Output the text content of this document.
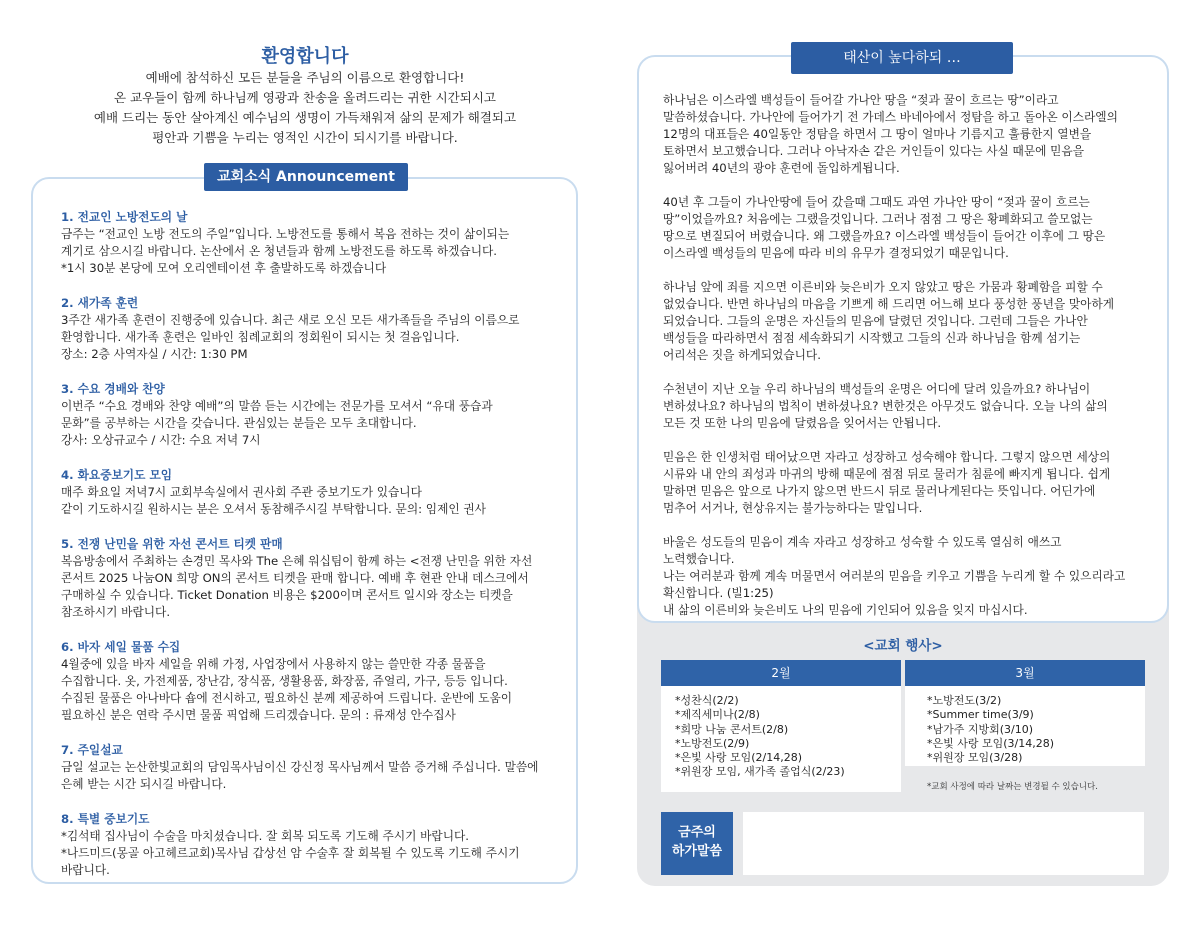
환영합니다
예배에 참석하신 모든 분들을 주님의 이름으로 환영합니다!
온 교우들이 함께 하나님께 영광과 찬송을 올려드리는 귀한 시간되시고
예배 드리는 동안 살아계신 예수님의 생명이 가득채워져 삶의 문제가 해결되고
평안과 기쁨을 누리는 영적인 시간이 되시기를 바랍니다.
교회소식 Announcement
1. 전교인 노방전도의 날
금주는 “전교인 노방 전도의 주일”입니다. 노방전도를 통해서 복음 전하는 것이 삶이되는
계기로 삼으시길 바랍니다. 논산에서 온 청년들과 함께 노방전도를 하도록 하겠습니다.
*1시 30분 본당에 모여 오리엔테이션 후 출발하도록 하겠습니다
2. 새가족 훈련
3주간 새가족 훈련이 진행중에 있습니다. 최근 새로 오신 모든 새가족들을 주님의 이름으로
환영합니다. 새가족 훈련은 일바인 침례교회의 정회원이 되시는 첫 걸음입니다.
장소: 2층 사역자실 / 시간: 1:30 PM
3. 수요 경배와 찬양
이번주 “수요 경배와 찬양 예배”의 말씀 듣는 시간에는 전문가를 모셔서 “유대 풍습과
문화”를 공부하는 시간을 갖습니다. 관심있는 분들은 모두 초대합니다.
강사: 오상규교수 / 시간: 수요 저녁 7시
4. 화요중보기도 모임
매주 화요일 저녁7시 교회부속실에서 권사회 주관 중보기도가 있습니다
같이 기도하시길 원하시는 분은 오셔서 동참해주시길 부탁합니다. 문의: 임제인 권사
5. 전쟁 난민을 위한 자선 콘서트 티켓 판매
복음방송에서 주최하는 손경민 목사와 The 은혜 워십팀이 함께 하는 <전쟁 난민을 위한 자선
콘서트 2025 나눔ON 희망 ON의 콘서트 티켓을 판매 합니다. 예배 후 현관 안내 데스크에서
구매하실 수 있습니다. Ticket Donation 비용은 $200이며 콘서트 일시와 장소는 티켓을
참조하시기 바랍니다.
6. 바자 세일 물품 수집
4월중에 있을 바자 세일을 위해 가정, 사업장에서 사용하지 않는 쓸만한 각종 물품을
수집합니다. 옷, 가전제품, 장난감, 장식품, 생활용품, 화장품, 쥬얼리, 가구, 등등 입니다.
수집된 물품은 아나바다 숍에 전시하고, 필요하신 분께 제공하여 드립니다. 운반에 도움이
필요하신 분은 연락 주시면 물품 픽업해 드리겠습니다. 문의 : 류재성 안수집사
7. 주일설교
금일 설교는 논산한빛교회의 담임목사님이신 강신정 목사님께서 말씀 증거해 주십니다. 말씀에
은혜 받는 시간 되시길 바랍니다.
8. 특별 중보기도
*김석태 집사님이 수술을 마치셨습니다. 잘 회복 되도록 기도해 주시기 바랍니다.
*나드미드(몽골 아고헤르교회)목사님 갑상선 암 수술후 잘 회복될 수 있도록 기도해 주시기
바랍니다.
태산이 높다하되 …
하나님은 이스라엘 백성들이 들어갈 가나안 땅을 “젖과 꿀이 흐르는 땅”이라고
말씀하셨습니다. 가나안에 들어가기 전 가데스 바네아에서 정탐을 하고 돌아온 이스라엘의
12명의 대표들은 40일동안 정탐을 하면서 그 땅이 얼마나 기름지고 훌륭한지 열변을
토하면서 보고했습니다. 그러나 아낙자손 같은 거인들이 있다는 사실 때문에 믿음을
잃어버려 40년의 광야 훈련에 돌입하게됩니다.
40년 후 그들이 가나안땅에 들어 갔을때 그때도 과연 가나안 땅이 “젖과 꿀이 흐르는
땅”이었을까요? 처음에는 그랬을것입니다. 그러나 점점 그 땅은 황폐화되고 쓸모없는
땅으로 변질되어 버렸습니다. 왜 그랬을까요? 이스라엘 백성들이 들어간 이후에 그 땅은
이스라엘 백성들의 믿음에 따라 비의 유무가 결정되었기 때문입니다.
하나님 앞에 죄를 지으면 이른비와 늦은비가 오지 않았고 땅은 가뭄과 황폐함을 피할 수
없었습니다. 반면 하나님의 마음을 기쁘게 해 드리면 어느해 보다 풍성한 풍년을 맞아하게
되었습니다. 그들의 운명은 자신들의 믿음에 달렸던 것입니다. 그런데 그들은 가나안
백성들을 따라하면서 점점 세속화되기 시작했고 그들의 신과 하나님을 함께 섬기는
어리석은 짓을 하게되었습니다.
수천년이 지난 오늘 우리 하나님의 백성들의 운명은 어디에 달려 있을까요? 하나님이
변하셨나요? 하나님의 법칙이 변하셨나요? 변한것은 아무것도 없습니다. 오늘 나의 삶의
모든 것 또한 나의 믿음에 달렸음을 잊어서는 안됩니다.
믿음은 한 인생처럼 태어났으면 자라고 성장하고 성숙해야 합니다. 그렇지 않으면 세상의
시류와 내 안의 죄성과 마귀의 방해 때문에 점점 뒤로 물러가 침륜에 빠지게 됩니다. 쉽게
말하면 믿음은 앞으로 나가지 않으면 반드시 뒤로 물러나게된다는 뜻입니다. 어딘가에
멈추어 서거나, 현상유지는 불가능하다는 말입니다.
바울은 성도들의 믿음이 계속 자라고 성장하고 성숙할 수 있도록 열심히 애쓰고
노력했습니다.
나는 여러분과 함께 계속 머물면서 여러분의 믿음을 키우고 기쁨을 누리게 할 수 있으리라고
확신합니다. (빌1:25)
내 삶의 이른비와 늦은비도 나의 믿음에 기인되어 있음을 잊지 마십시다.
<교회 행사>
2월	3월
*성찬식(2/2)
*제직세미나(2/8)
*희망 나눔 콘서트(2/8)
*노방전도(2/9)
*은빛 사랑 모임(2/14,28)
*위원장 모임, 새가족 졸업식(2/23)
*노방전도(3/2)
*Summer time(3/9)
*남가주 지방회(3/10)
*은빛 사랑 모임(3/14,28)
*위원장 모임(3/28)
*교회 사정에 따라 날짜는 변경될 수 있습니다.
금주의
하가말씀
